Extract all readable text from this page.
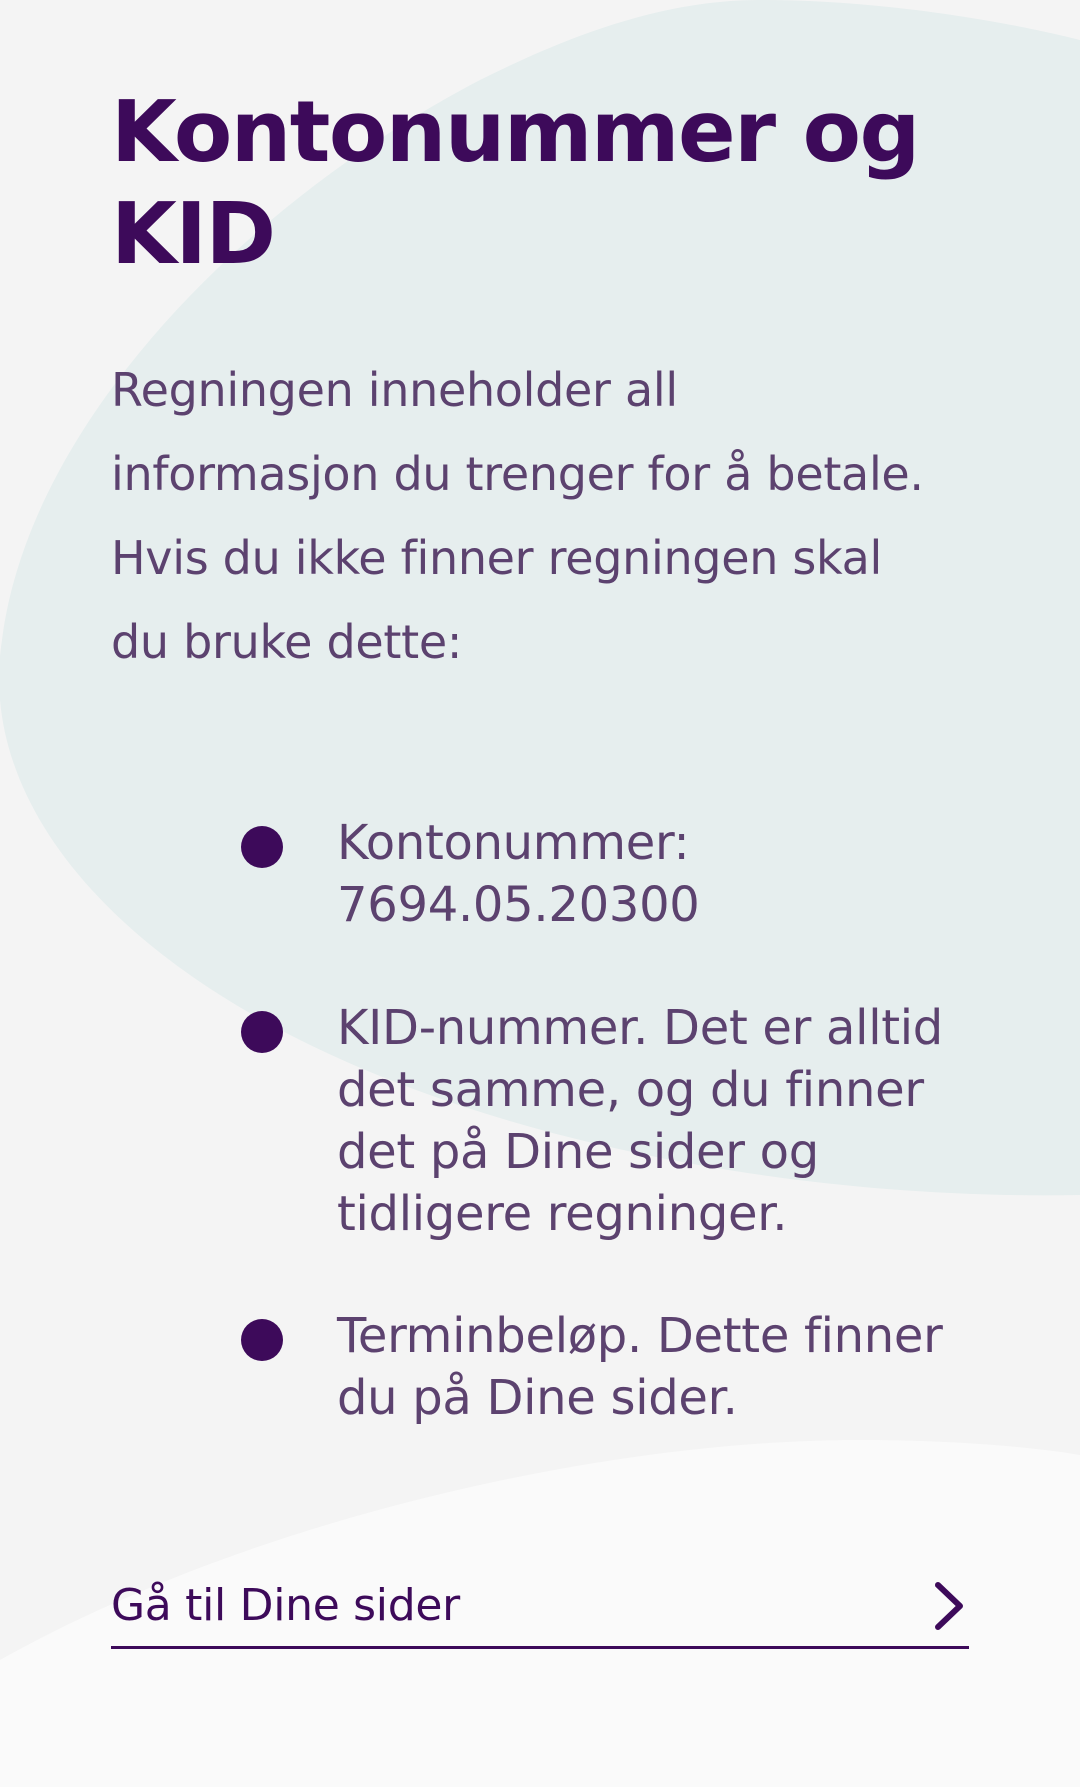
Kontonummer og KID

Regningen inneholder all informasjon du trenger for å betale. Hvis du ikke finner regningen skal du bruke dette:

Kontonummer: 7694.05.20300
KID-nummer. Det er alltid det samme, og du finner det på Dine sider og tidligere regninger.
Terminbeløp. Dette finner du på Dine sider.
Gå til Dine sider
